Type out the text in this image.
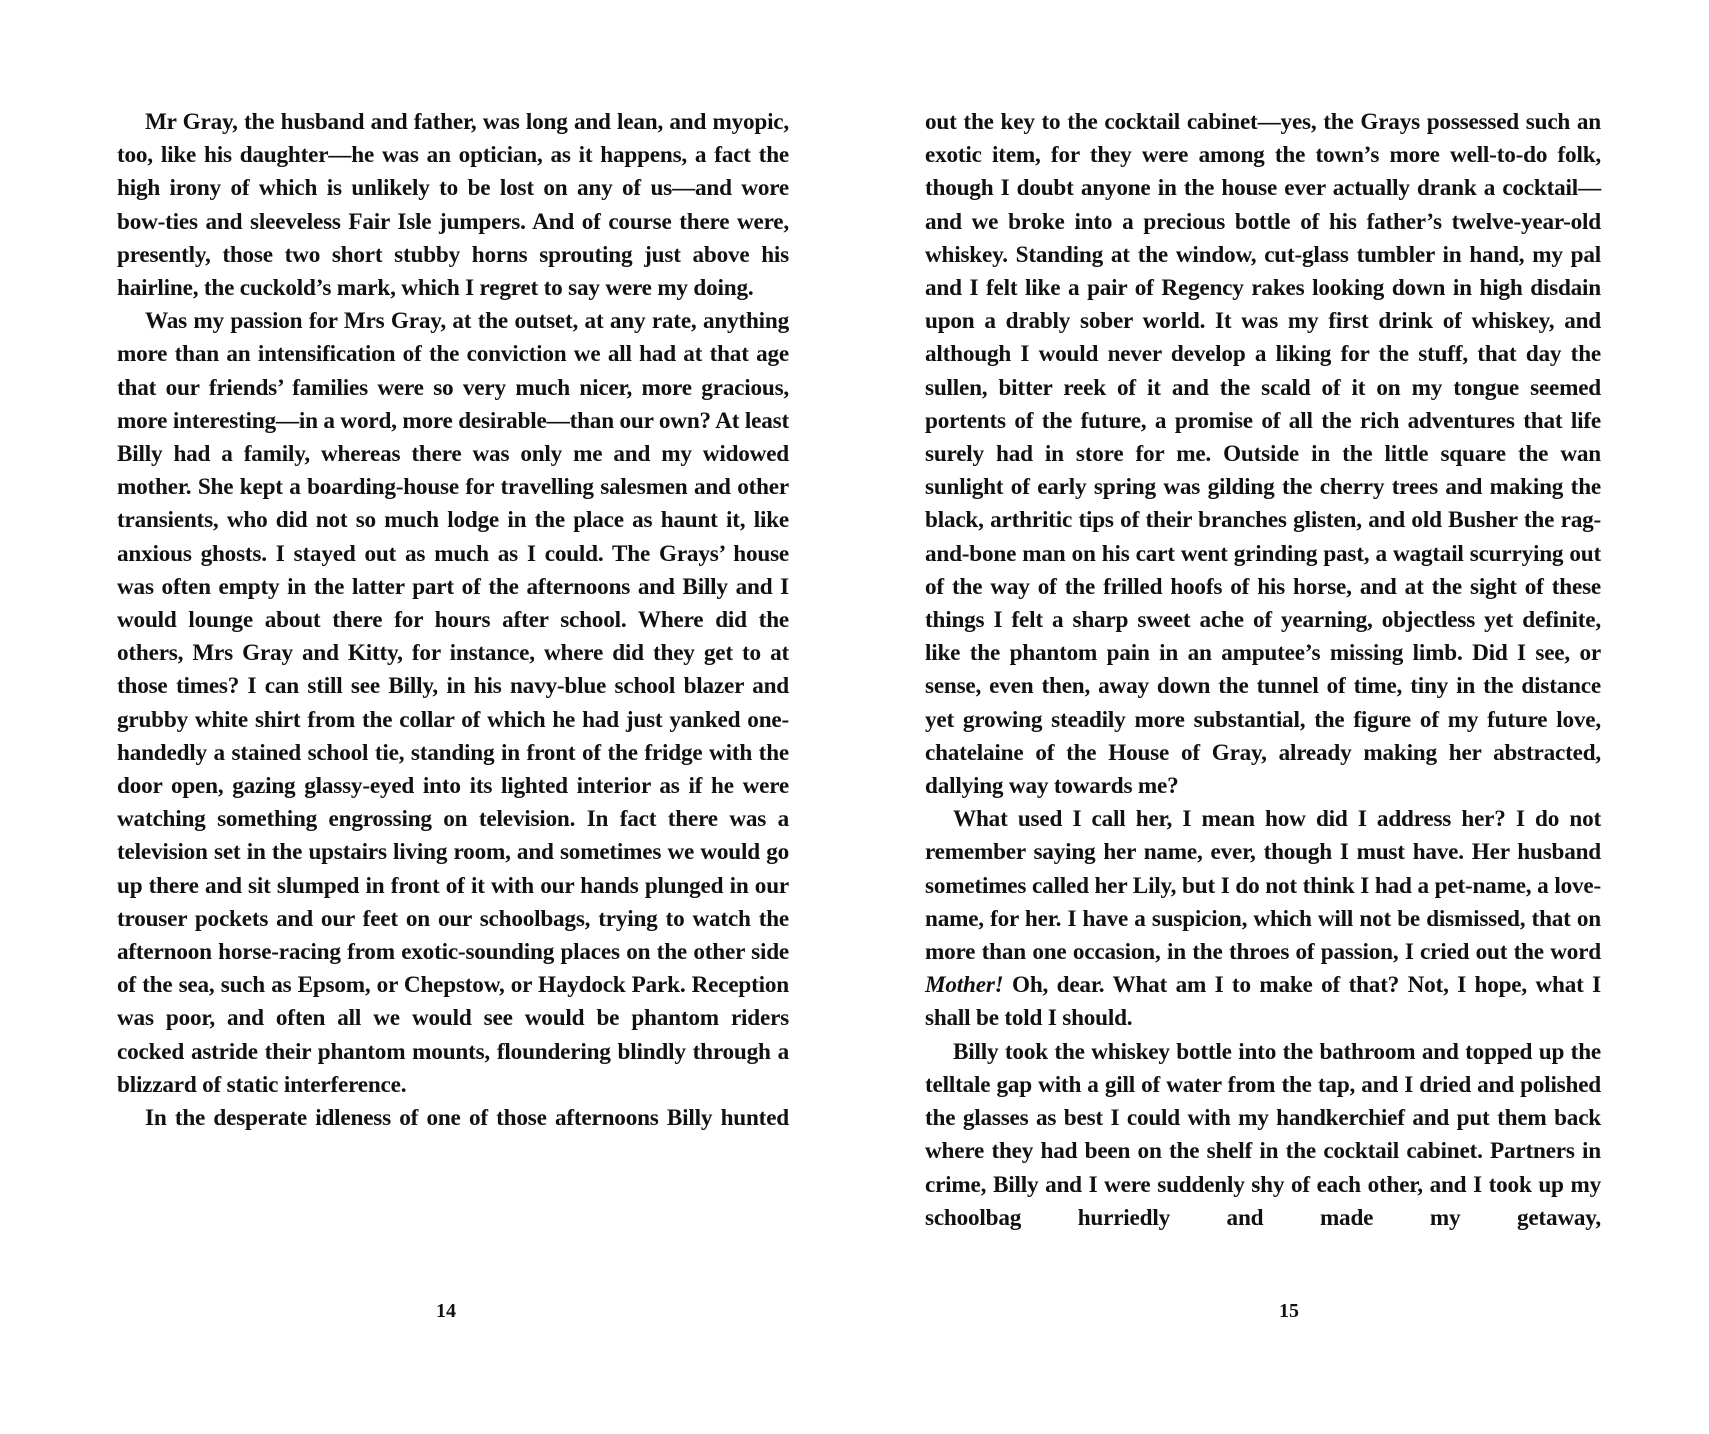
Mr Gray, the husband and father, was long and lean, and myopic, too, like his daughter—he was an optician, as it happens, a fact the high irony of which is unlikely to be lost on any of us—and wore bow-ties and sleeveless Fair Isle jumpers. And of course there were, presently, those two short stubby horns sprouting just above his hairline, the cuckold’s mark, which I regret to say were my doing.

Was my passion for Mrs Gray, at the outset, at any rate, anything more than an intensification of the conviction we all had at that age that our friends’ families were so very much nicer, more gracious, more interesting—in a word, more desirable—than our own? At least Billy had a family, whereas there was only me and my widowed mother. She kept a boarding-house for travelling salesmen and other transients, who did not so much lodge in the place as haunt it, like anxious ghosts. I stayed out as much as I could. The Grays’ house was often empty in the latter part of the afternoons and Billy and I would lounge about there for hours after school. Where did the others, Mrs Gray and Kitty, for instance, where did they get to at those times? I can still see Billy, in his navy-blue school blazer and grubby white shirt from the collar of which he had just yanked one-handedly a stained school tie, standing in front of the fridge with the door open, gazing glassy-eyed into its lighted interior as if he were watching something engrossing on television. In fact there was a television set in the upstairs living room, and sometimes we would go up there and sit slumped in front of it with our hands plunged in our trouser pockets and our feet on our schoolbags, trying to watch the afternoon horse-racing from exotic-sounding places on the other side of the sea, such as Epsom, or Chepstow, or Haydock Park. Reception was poor, and often all we would see would be phantom riders cocked astride their phantom mounts, floundering blindly through a blizzard of static interference.

In the desperate idleness of one of those afternoons Billy hunted

14

out the key to the cocktail cabinet—yes, the Grays possessed such an exotic item, for they were among the town’s more well-to-do folk, though I doubt anyone in the house ever actually drank a cocktail—and we broke into a precious bottle of his father’s twelve-year-old whiskey. Standing at the window, cut-glass tumbler in hand, my pal and I felt like a pair of Regency rakes looking down in high disdain upon a drably sober world. It was my first drink of whiskey, and although I would never develop a liking for the stuff, that day the sullen, bitter reek of it and the scald of it on my tongue seemed portents of the future, a promise of all the rich adventures that life surely had in store for me. Outside in the little square the wan sunlight of early spring was gilding the cherry trees and making the black, arthritic tips of their branches glisten, and old Busher the rag-and-bone man on his cart went grinding past, a wagtail scurrying out of the way of the frilled hoofs of his horse, and at the sight of these things I felt a sharp sweet ache of yearning, objectless yet definite, like the phantom pain in an amputee’s missing limb. Did I see, or sense, even then, away down the tunnel of time, tiny in the distance yet growing steadily more substantial, the figure of my future love, chatelaine of the House of Gray, already making her abstracted, dallying way towards me?

What used I call her, I mean how did I address her? I do not remember saying her name, ever, though I must have. Her husband sometimes called her Lily, but I do not think I had a pet-name, a love-name, for her. I have a suspicion, which will not be dismissed, that on more than one occasion, in the throes of passion, I cried out the word Mother! Oh, dear. What am I to make of that? Not, I hope, what I shall be told I should.

Billy took the whiskey bottle into the bathroom and topped up the telltale gap with a gill of water from the tap, and I dried and polished the glasses as best I could with my handkerchief and put them back where they had been on the shelf in the cocktail cabinet. Partners in crime, Billy and I were suddenly shy of each other, and I took up my schoolbag hurriedly and made my getaway,

15
